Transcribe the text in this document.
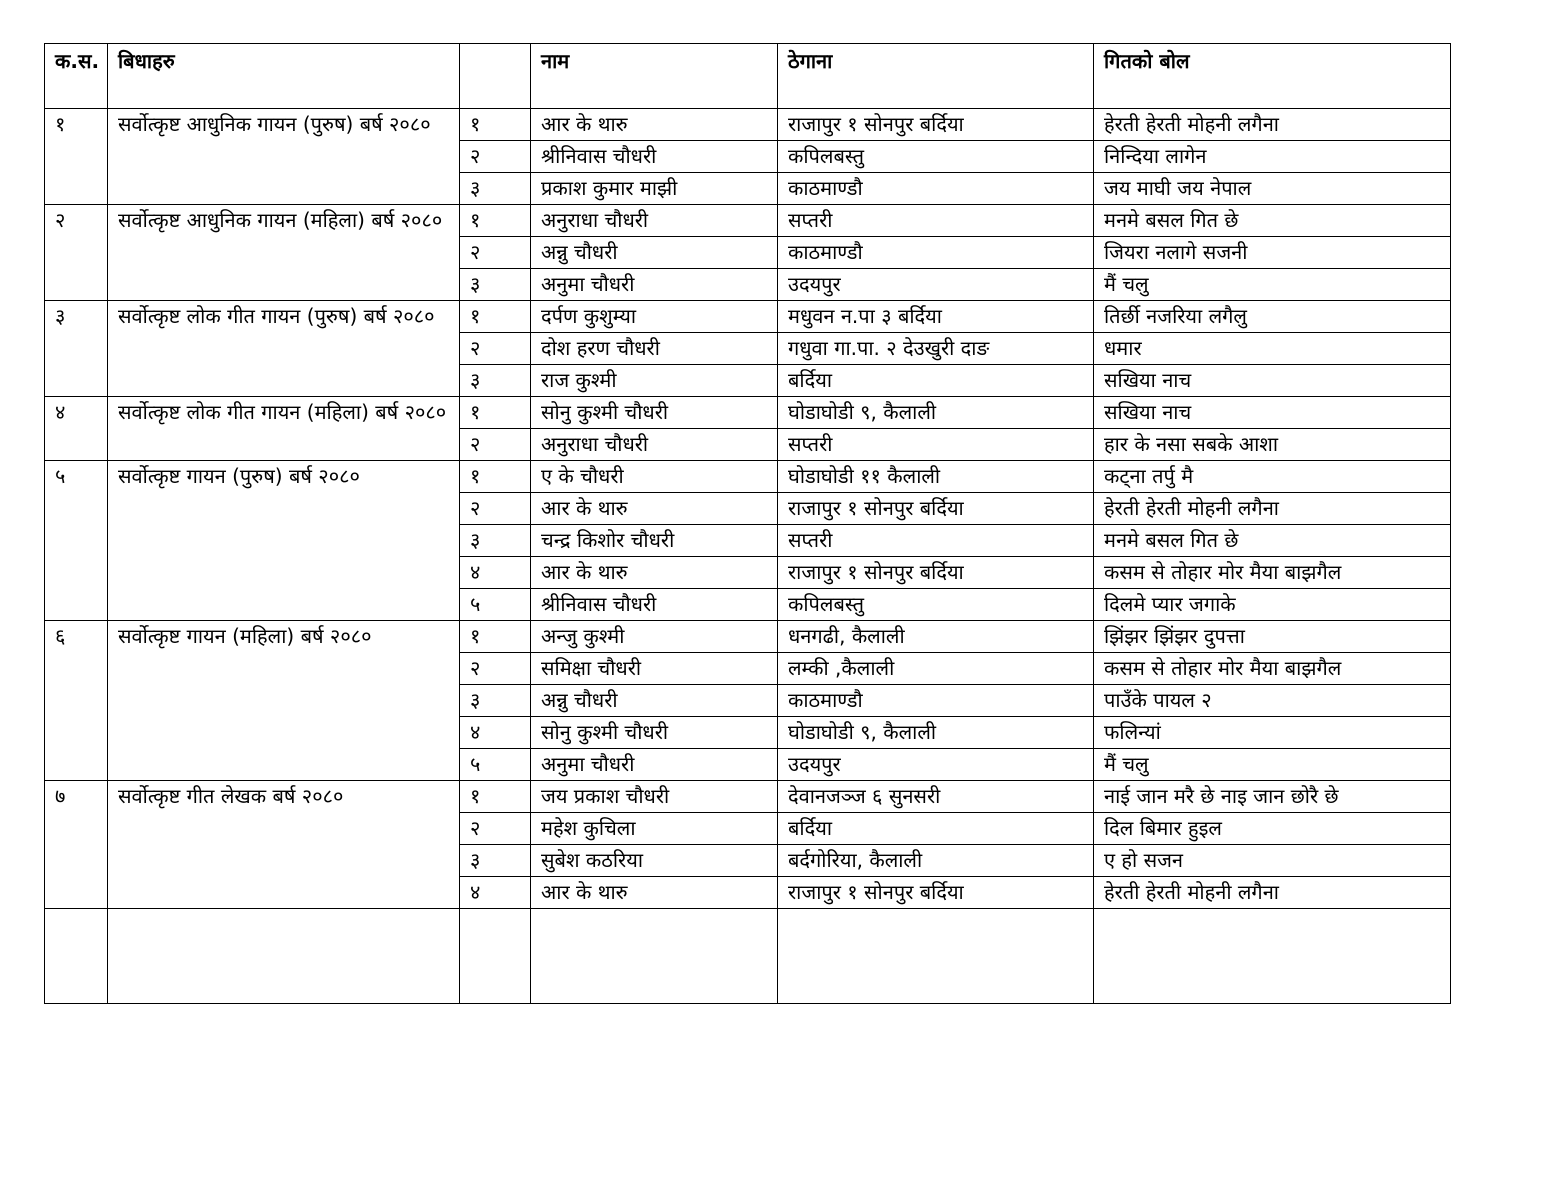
क.स.	बिधाहरु		नाम	ठेगाना	गितको बोल
१	सर्वोत्कृष्ट आधुनिक गायन (पुरुष) बर्ष २०८०	१	आर के थारु	राजापुर १ सोनपुर बर्दिया	हेरती हेरती मोहनी लगैना
		२	श्रीनिवास चौधरी	कपिलबस्तु	निन्दिया लागेन
		३	प्रकाश कुमार माझी	काठमाण्डौ	जय माघी जय नेपाल
२	सर्वोत्कृष्ट आधुनिक गायन (महिला) बर्ष २०८०	१	अनुराधा चौधरी	सप्तरी	मनमे बसल गित छे
		२	अन्नु चौधरी	काठमाण्डौ	जियरा नलागे सजनी
		३	अनुमा चौधरी	उदयपुर	मैं चलु
३	सर्वोत्कृष्ट लोक गीत गायन (पुरुष) बर्ष २०८०	१	दर्पण कुशुम्या	मधुवन न.पा ३ बर्दिया	तिर्छी नजरिया लगैलु
		२	दोश हरण चौधरी	गधुवा गा.पा. २ देउखुरी दाङ	धमार
		३	राज कुश्मी	बर्दिया	सखिया नाच
४	सर्वोत्कृष्ट लोक गीत गायन (महिला) बर्ष २०८०	१	सोनु कुश्मी चौधरी	घोडाघोडी ९, कैलाली	सखिया नाच
		२	अनुराधा चौधरी	सप्तरी	हार के नसा सबके आशा
५	सर्वोत्कृष्ट गायन (पुरुष) बर्ष २०८०	१	ए के चौधरी	घोडाघोडी ११ कैलाली	कट्ना तर्पु मै
		२	आर के थारु	राजापुर १ सोनपुर बर्दिया	हेरती हेरती मोहनी लगैना
		३	चन्द्र किशोर चौधरी	सप्तरी	मनमे बसल गित छे
		४	आर के थारु	राजापुर १ सोनपुर बर्दिया	कसम से तोहार मोर मैया बाझगैल
		५	श्रीनिवास चौधरी	कपिलबस्तु	दिलमे प्यार जगाके
६	सर्वोत्कृष्ट गायन (महिला) बर्ष २०८०	१	अन्जु कुश्मी	धनगढी, कैलाली	झिंझर झिंझर दुपत्ता
		२	समिक्षा चौधरी	लम्की ,कैलाली	कसम से तोहार मोर मैया बाझगैल
		३	अन्नु चौधरी	काठमाण्डौ	पाउँके पायल २
		४	सोनु कुश्मी चौधरी	घोडाघोडी ९, कैलाली	फलिन्यां
		५	अनुमा चौधरी	उदयपुर	मैं चलु
७	सर्वोत्कृष्ट गीत लेखक बर्ष २०८०	१	जय प्रकाश चौधरी	देवानजञ्ज ६ सुनसरी	नाई जान मरै छे नाइ जान छोरै छे
		२	महेश कुचिला	बर्दिया	दिल बिमार हुइल
		३	सुबेश कठरिया	बर्दगोरिया, कैलाली	ए हो सजन
		४	आर के थारु	राजापुर १ सोनपुर बर्दिया	हेरती हेरती मोहनी लगैना
